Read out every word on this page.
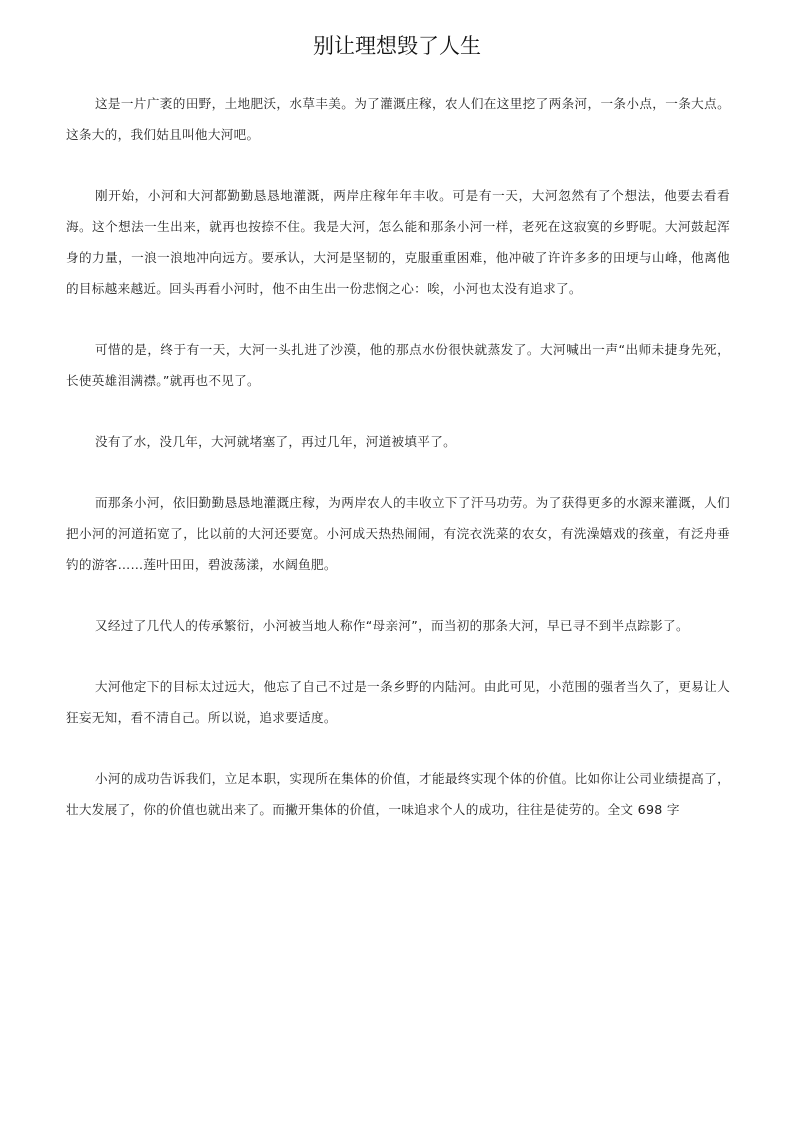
别让理想毁了人生

这是一片广袤的田野，土地肥沃，水草丰美。为了灌溉庄稼，农人们在这里挖了两条河，一条小点，一条大点。这条大的，我们姑且叫他大河吧。

刚开始，小河和大河都勤勤恳恳地灌溉，两岸庄稼年年丰收。可是有一天，大河忽然有了个想法，他要去看看海。这个想法一生出来，就再也按捺不住。我是大河，怎么能和那条小河一样，老死在这寂寞的乡野呢。大河鼓起浑身的力量，一浪一浪地冲向远方。要承认，大河是坚韧的，克服重重困难，他冲破了许许多多的田埂与山峰，他离他的目标越来越近。回头再看小河时，他不由生出一份悲悯之心：唉，小河也太没有追求了。

可惜的是，终于有一天，大河一头扎进了沙漠，他的那点水份很快就蒸发了。大河喊出一声“出师未捷身先死，长使英雄泪满襟。”就再也不见了。

没有了水，没几年，大河就堵塞了，再过几年，河道被填平了。

而那条小河，依旧勤勤恳恳地灌溉庄稼，为两岸农人的丰收立下了汗马功劳。为了获得更多的水源来灌溉，人们把小河的河道拓宽了，比以前的大河还要宽。小河成天热热闹闹，有浣衣洗菜的农女，有洗澡嬉戏的孩童，有泛舟垂钓的游客……莲叶田田，碧波荡漾，水阔鱼肥。

又经过了几代人的传承繁衍，小河被当地人称作“母亲河”，而当初的那条大河，早已寻不到半点踪影了。

大河他定下的目标太过远大，他忘了自己不过是一条乡野的内陆河。由此可见，小范围的强者当久了，更易让人狂妄无知，看不清自己。所以说，追求要适度。

小河的成功告诉我们，立足本职，实现所在集体的价值，才能最终实现个体的价值。比如你让公司业绩提高了，壮大发展了，你的价值也就出来了。而撇开集体的价值，一味追求个人的成功，往往是徒劳的。全文 698 字
